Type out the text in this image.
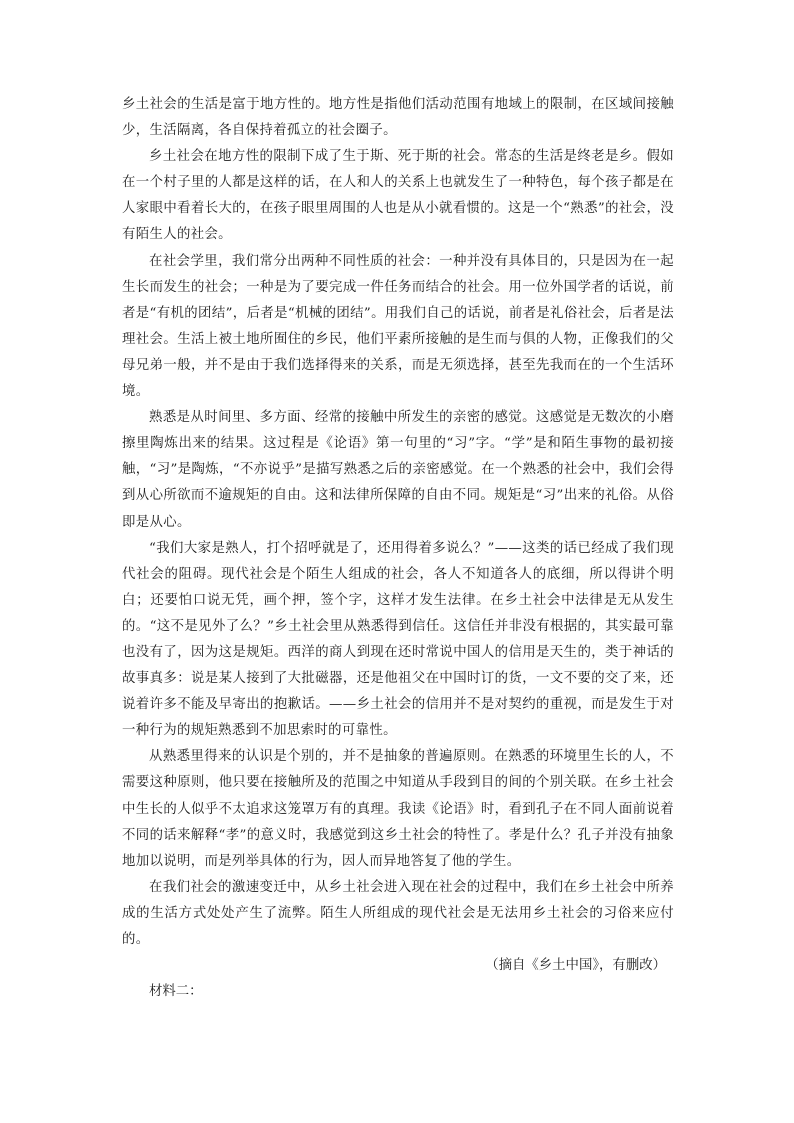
乡土社会的生活是富于地方性的。地方性是指他们活动范围有地域上的限制，在区域间接触少，生活隔离，各自保持着孤立的社会圈子。

乡土社会在地方性的限制下成了生于斯、死于斯的社会。常态的生活是终老是乡。假如在一个村子里的人都是这样的话，在人和人的关系上也就发生了一种特色，每个孩子都是在人家眼中看着长大的，在孩子眼里周围的人也是从小就看惯的。这是一个“熟悉”的社会，没有陌生人的社会。

在社会学里，我们常分出两种不同性质的社会：一种并没有具体目的，只是因为在一起生长而发生的社会；一种是为了要完成一件任务而结合的社会。用一位外国学者的话说，前者是“有机的团结”，后者是“机械的团结”。用我们自己的话说，前者是礼俗社会，后者是法理社会。生活上被土地所囿住的乡民，他们平素所接触的是生而与俱的人物，正像我们的父母兄弟一般，并不是由于我们选择得来的关系，而是无须选择，甚至先我而在的一个生活环境。

熟悉是从时间里、多方面、经常的接触中所发生的亲密的感觉。这感觉是无数次的小磨擦里陶炼出来的结果。这过程是《论语》第一句里的“习”字。“学”是和陌生事物的最初接触，“习”是陶炼，“不亦说乎”是描写熟悉之后的亲密感觉。在一个熟悉的社会中，我们会得到从心所欲而不逾规矩的自由。这和法律所保障的自由不同。规矩是“习”出来的礼俗。从俗即是从心。

“我们大家是熟人，打个招呼就是了，还用得着多说么？”——这类的话已经成了我们现代社会的阻碍。现代社会是个陌生人组成的社会，各人不知道各人的底细，所以得讲个明白；还要怕口说无凭，画个押，签个字，这样才发生法律。在乡土社会中法律是无从发生的。“这不是见外了么？”乡土社会里从熟悉得到信任。这信任并非没有根据的，其实最可靠也没有了，因为这是规矩。西洋的商人到现在还时常说中国人的信用是天生的，类于神话的故事真多：说是某人接到了大批磁器，还是他祖父在中国时订的货，一文不要的交了来，还说着许多不能及早寄出的抱歉话。——乡土社会的信用并不是对契约的重视，而是发生于对一种行为的规矩熟悉到不加思索时的可靠性。

从熟悉里得来的认识是个别的，并不是抽象的普遍原则。在熟悉的环境里生长的人，不需要这种原则，他只要在接触所及的范围之中知道从手段到目的间的个别关联。在乡土社会中生长的人似乎不太追求这笼罩万有的真理。我读《论语》时，看到孔子在不同人面前说着不同的话来解释“孝”的意义时，我感觉到这乡土社会的特性了。孝是什么？孔子并没有抽象地加以说明，而是列举具体的行为，因人而异地答复了他的学生。

在我们社会的激速变迁中，从乡土社会进入现在社会的过程中，我们在乡土社会中所养成的生活方式处处产生了流弊。陌生人所组成的现代社会是无法用乡土社会的习俗来应付的。

（摘自《乡土中国》，有删改）

材料二：
